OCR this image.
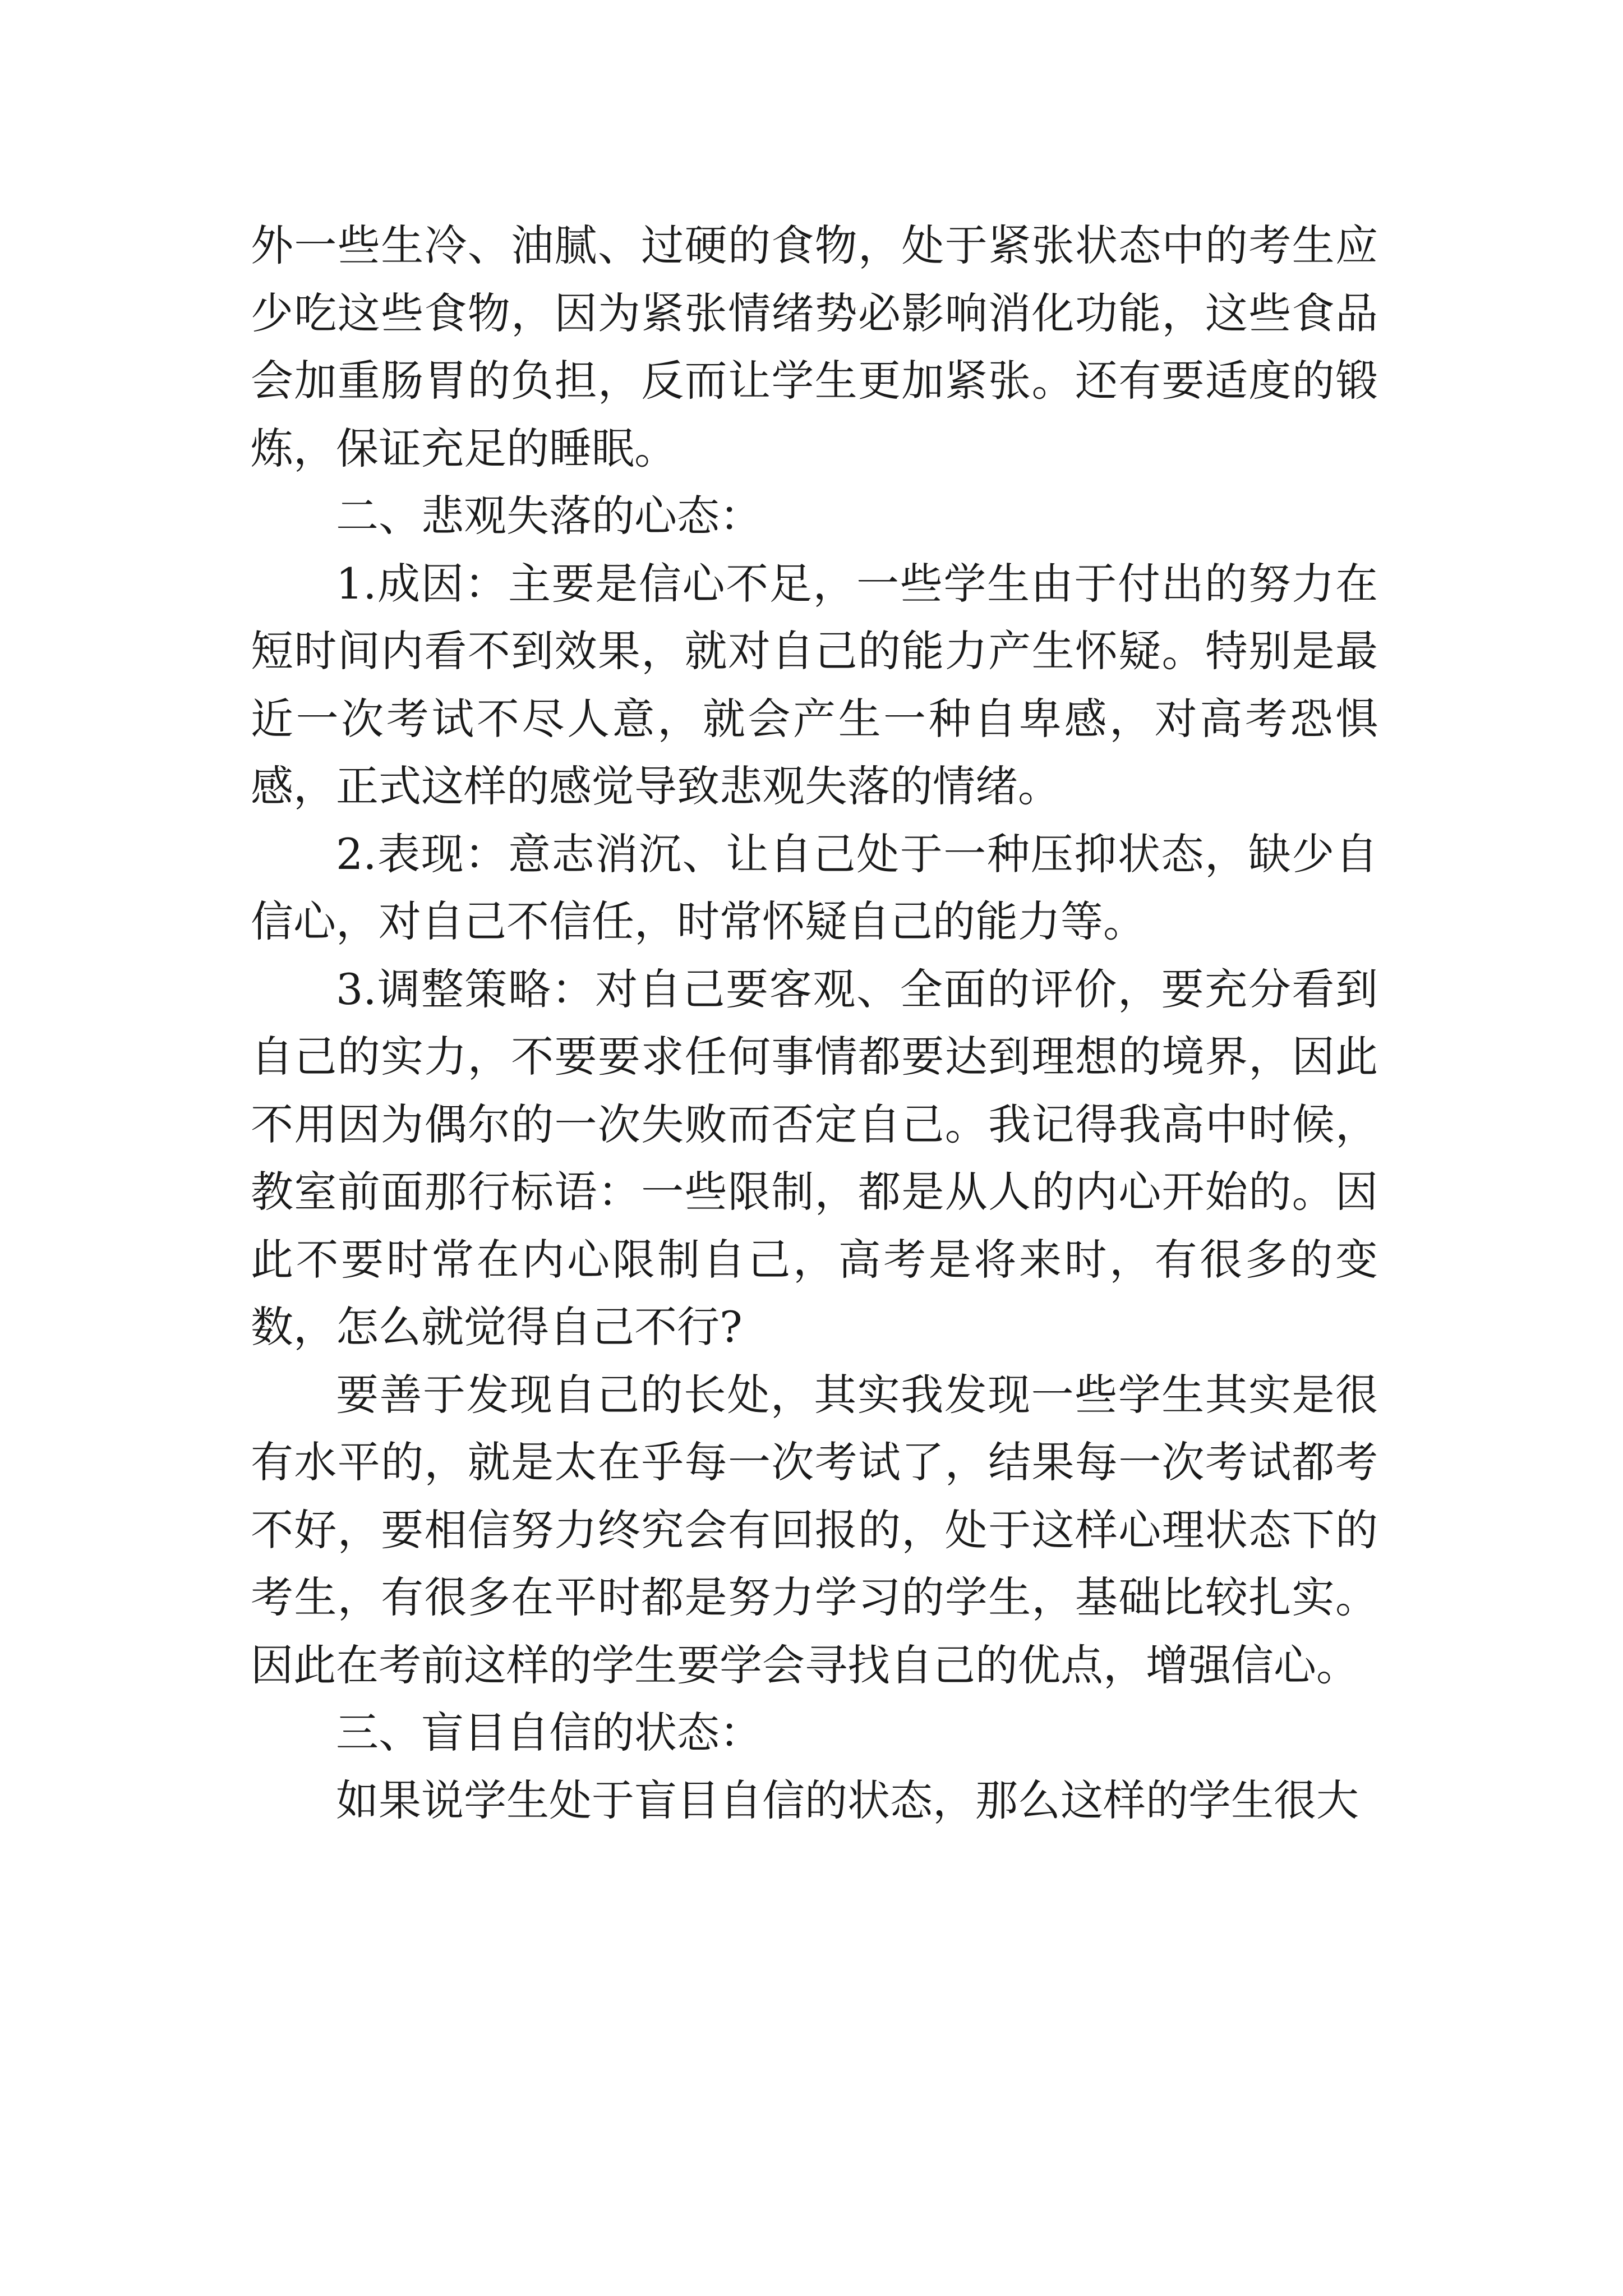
外一些生冷、油腻、过硬的食物，处于紧张状态中的考生应少吃这些食物，因为紧张情绪势必影响消化功能，这些食品会加重肠胃的负担，反而让学生更加紧张。还有要适度的锻炼，保证充足的睡眠。

二、悲观失落的心态：

1.成因：主要是信心不足，一些学生由于付出的努力在短时间内看不到效果，就对自己的能力产生怀疑。特别是最近一次考试不尽人意，就会产生一种自卑感，对高考恐惧感，正式这样的感觉导致悲观失落的情绪。

2.表现：意志消沉、让自己处于一种压抑状态，缺少自信心，对自己不信任，时常怀疑自己的能力等。

3.调整策略：对自己要客观、全面的评价，要充分看到自己的实力，不要要求任何事情都要达到理想的境界，因此不用因为偶尔的一次失败而否定自己。我记得我高中时候，教室前面那行标语：一些限制，都是从人的内心开始的。因此不要时常在内心限制自己，高考是将来时，有很多的变数，怎么就觉得自己不行?

要善于发现自己的长处，其实我发现一些学生其实是很有水平的，就是太在乎每一次考试了，结果每一次考试都考不好，要相信努力终究会有回报的，处于这样心理状态下的考生，有很多在平时都是努力学习的学生，基础比较扎实。因此在考前这样的学生要学会寻找自己的优点，增强信心。

三、盲目自信的状态：

如果说学生处于盲目自信的状态，那么这样的学生很大
